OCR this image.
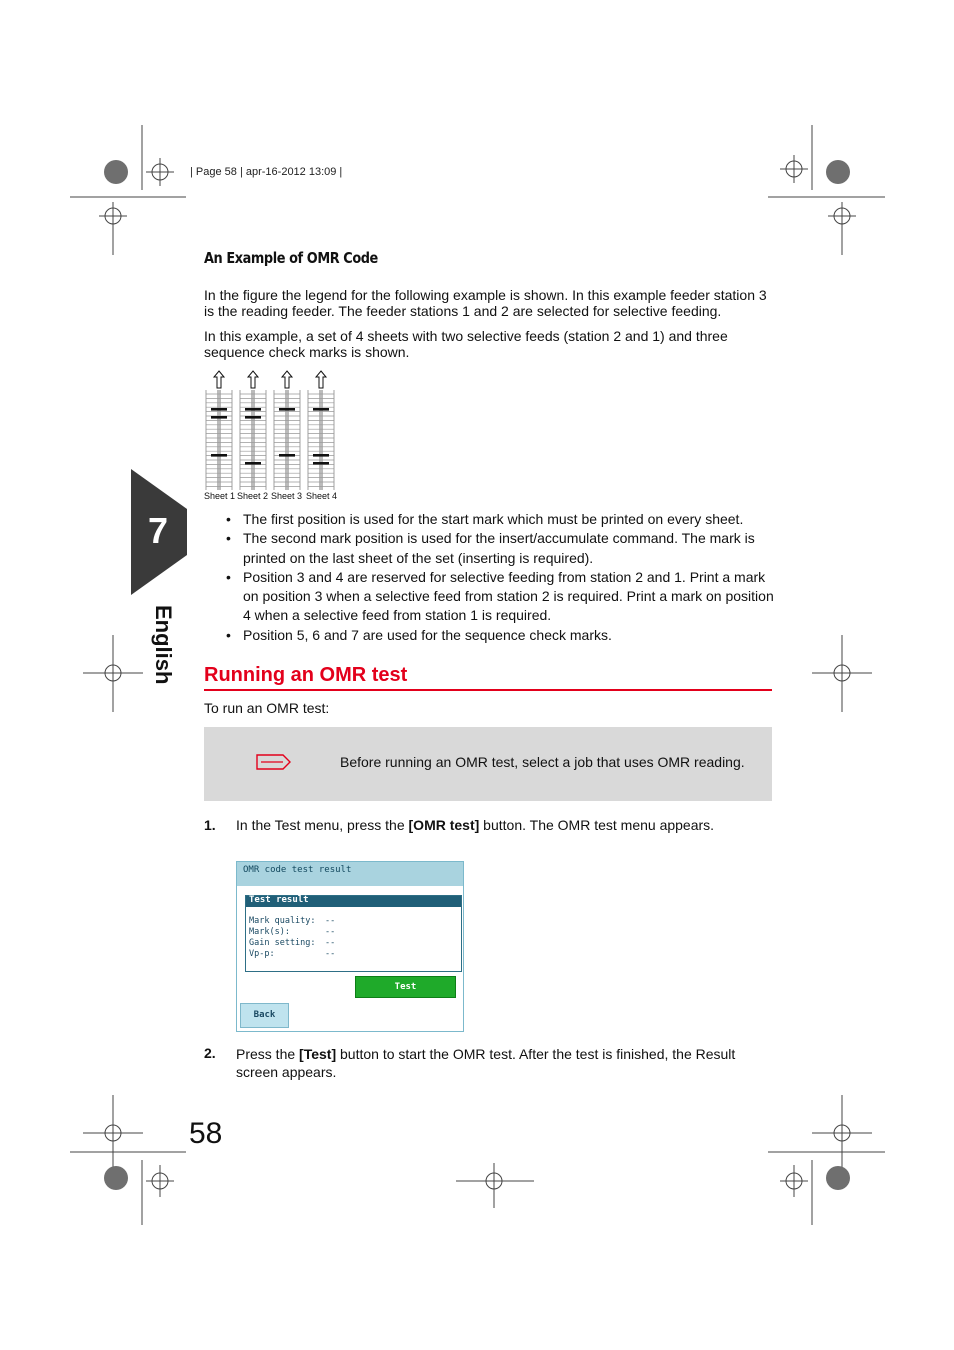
| Page 58 | apr-16-2012 13:09 |
7
English
An Example of OMR Code
In the figure the legend for the following example is shown. In this example feeder station 3 is the reading feeder. The feeder stations 1 and 2 are selected for selective feeding.
In this example, a set of 4 sheets with two selective feeds (station 2 and 1) and three sequence check marks is shown.
Sheet 1 Sheet 2 Sheet 3 Sheet 4
• The first position is used for the start mark which must be printed on every sheet.
• The second mark position is used for the insert/accumulate command. The mark is printed on the last sheet of the set (inserting is required).
• Position 3 and 4 are reserved for selective feeding from station 2 and 1. Print a mark on position 3 when a selective feed from station 2 is required. Print a mark on position 4 when a selective feed from station 1 is required.
• Position 5, 6 and 7 are used for the sequence check marks.
Running an OMR test
To run an OMR test:
Before running an OMR test, select a job that uses OMR reading.
1. In the Test menu, press the [OMR test] button. The OMR test menu appears.
OMR code test result
Test result
Mark quality: --
Mark(s):	--
Gain setting: --
Vp-p:	--
Test
Back
2. Press the [Test] button to start the OMR test. After the test is finished, the Result screen appears.
58
